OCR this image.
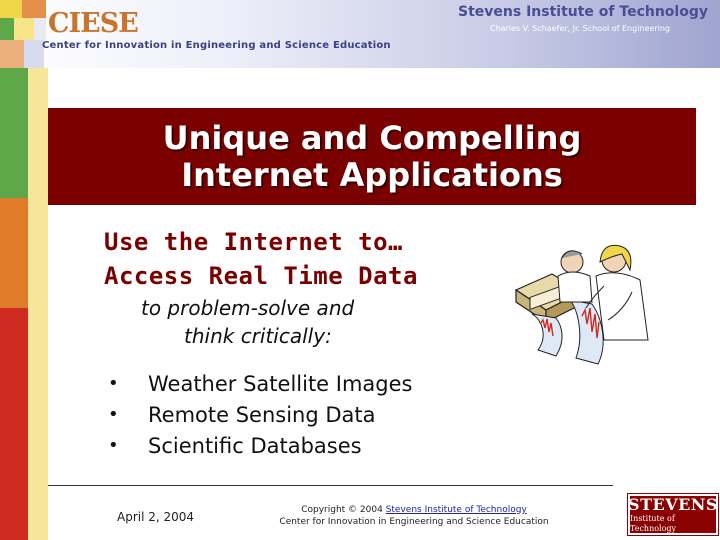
CIESE
Center for Innovation in Engineering and Science Education
Stevens Institute of Technology
Charles V. Schaefer, Jr. School of Engineering
Unique and Compelling
Internet Applications
Use the Internet to…
Access Real Time Data
to problem-solve and
think critically:
•	Weather Satellite Images
•	Remote Sensing Data
•	Scientific Databases
April 2, 2004	Copyright © 2004 Stevens Institute of Technology
Center for Innovation in Engineering and Science Education
STEVENS
Institute of Technology
